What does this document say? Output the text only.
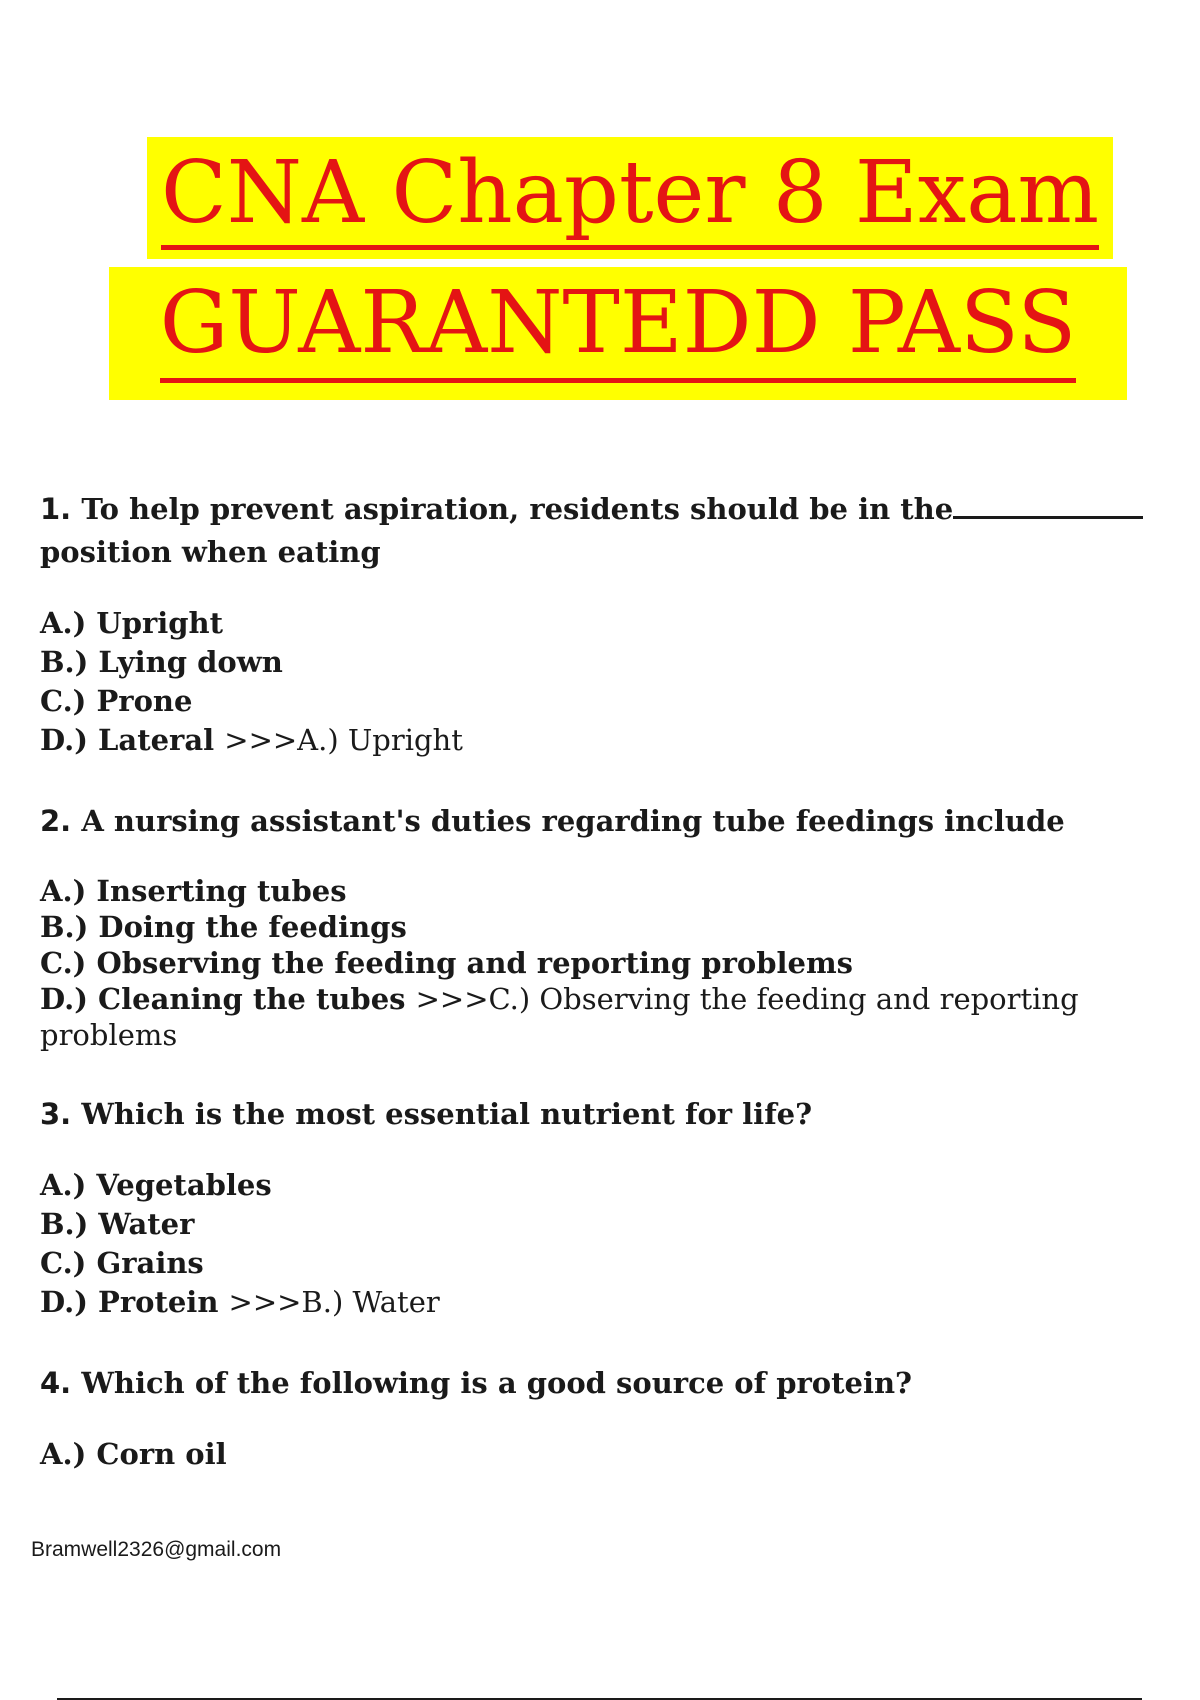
CNA Chapter 8 Exam
GUARANTEDD PASS
1. To help prevent aspiration, residents should be in theposition when eating
A.) Upright
B.) Lying down
C.) Prone
D.) Lateral >>>A.) Upright
2. A nursing assistant's duties regarding tube feedings include
A.) Inserting tubes
B.) Doing the feedings
C.) Observing the feeding and reporting problems
D.) Cleaning the tubes >>>C.) Observing the feeding and reporting problems
3. Which is the most essential nutrient for life?
A.) Vegetables
B.) Water
C.) Grains
D.) Protein >>>B.) Water
4. Which of the following is a good source of protein?
A.) Corn oil
Bramwell2326@gmail.com
